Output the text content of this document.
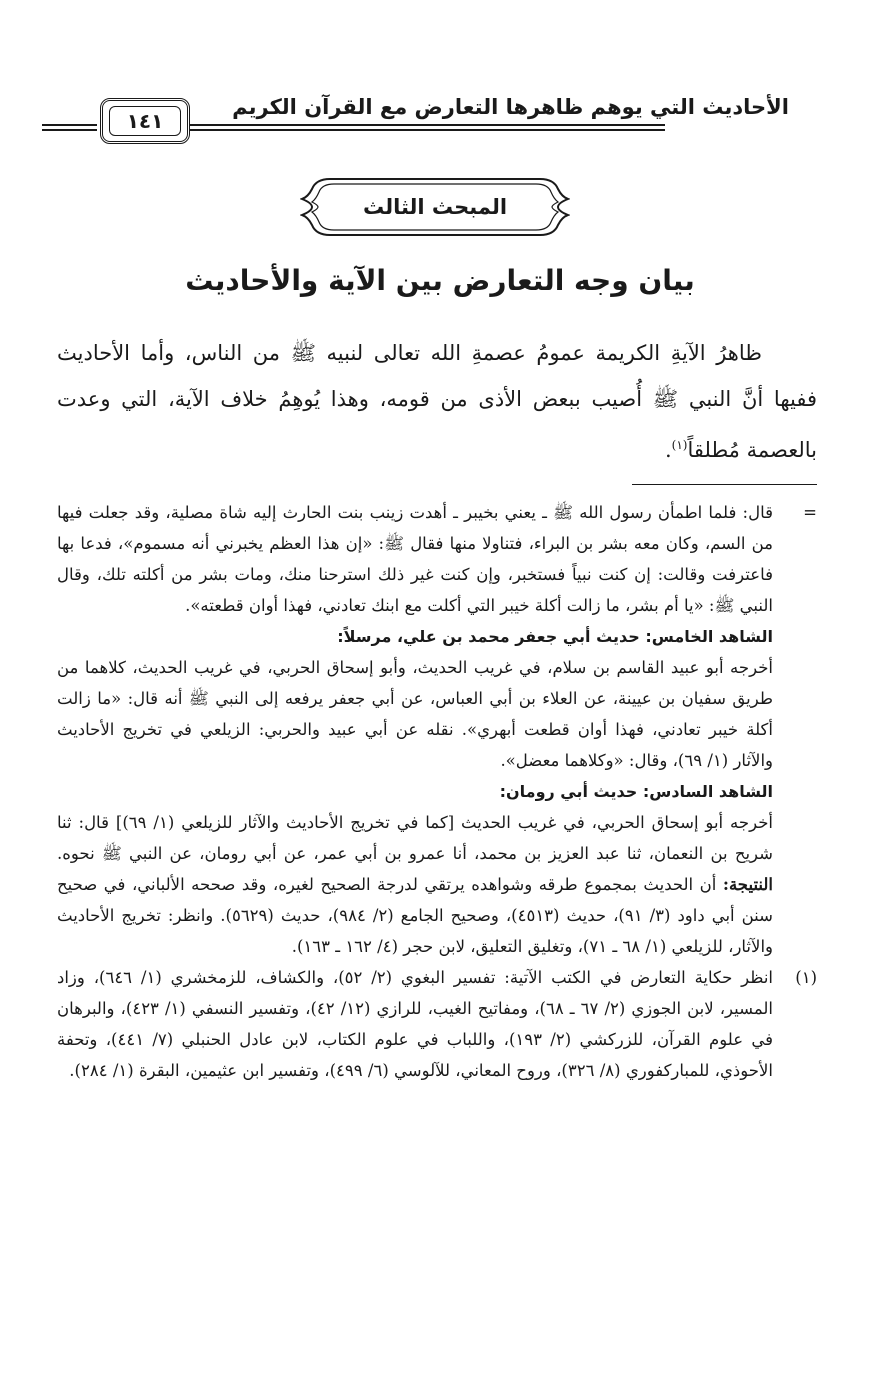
الأحاديث التي يوهم ظاهرها التعارض مع القرآن الكريم
١٤١
المبحث الثالث
بيان وجه التعارض بين الآية والأحاديث

ظاهرُ الآيةِ الكريمة عمومُ عصمةِ الله تعالى لنبيه ﷺ من الناس، وأما الأحاديث ففيها أنَّ النبي ﷺ أُصيب ببعض الأذى من قومه، وهذا يُوهِمُ خلاف الآية، التي وعدت بالعصمة مُطلقاً$^{(١)}$.

=
قال: فلما اطمأن رسول الله ﷺ ـ يعني بخيبر ـ أهدت زينب بنت الحارث إليه شاة مصلية، وقد جعلت فيها من السم، وكان معه بشر بن البراء، فتناولا منها فقال ﷺ: «إن هذا العظم يخبرني أنه مسموم»، فدعا بها فاعترفت وقالت: إن كنت نبياً فستخبر، وإن كنت غير ذلك استرحنا منك، ومات بشر من أكلته تلك، وقال النبي ﷺ: «يا أم بشر، ما زالت أكلة خيبر التي أكلت مع ابنك تعادني، فهذا أوان قطعته».
الشاهد الخامس: حديث أبي جعفر محمد بن علي، مرسلاً:
أخرجه أبو عبيد القاسم بن سلام، في غريب الحديث، وأبو إسحاق الحربي، في غريب الحديث، كلاهما من طريق سفيان بن عيينة، عن العلاء بن أبي العباس، عن أبي جعفر يرفعه إلى النبي ﷺ أنه قال: «ما زالت أكلة خيبر تعادني، فهذا أوان قطعت أبهري». نقله عن أبي عبيد والحربي: الزيلعي في تخريج الأحاديث والآثار (١/ ٦٩)، وقال: «وكلاهما معضل».
الشاهد السادس: حديث أبي رومان:
أخرجه أبو إسحاق الحربي، في غريب الحديث [كما في تخريج الأحاديث والآثار للزيلعي (١/ ٦٩)] قال: ثنا شريح بن النعمان، ثنا عبد العزيز بن محمد، أنا عمرو بن أبي عمر، عن أبي رومان، عن النبي ﷺ نحوه. النتيجة: أن الحديث بمجموع طرقه وشواهده يرتقي لدرجة الصحيح لغيره، وقد صححه الألباني، في صحيح سنن أبي داود (٣/ ٩١)، حديث (٤٥١٣)، وصحيح الجامع (٢/ ٩٨٤)، حديث (٥٦٢٩). وانظر: تخريج الأحاديث والآثار، للزيلعي (١/ ٦٨ ـ ٧١)، وتغليق التعليق، لابن حجر (٤/ ١٦٢ ـ ١٦٣).
(١)
انظر حكاية التعارض في الكتب الآتية: تفسير البغوي (٢/ ٥٢)، والكشاف، للزمخشري (١/ ٦٤٦)، وزاد المسير، لابن الجوزي (٢/ ٦٧ ـ ٦٨)، ومفاتيح الغيب، للرازي (١٢/ ٤٢)، وتفسير النسفي (١/ ٤٢٣)، والبرهان في علوم القرآن، للزركشي (٢/ ١٩٣)، واللباب في علوم الكتاب، لابن عادل الحنبلي (٧/ ٤٤١)، وتحفة الأحوذي، للمباركفوري (٨/ ٣٢٦)، وروح المعاني، للآلوسي (٦/ ٤٩٩)، وتفسير ابن عثيمين، البقرة (١/ ٢٨٤).
